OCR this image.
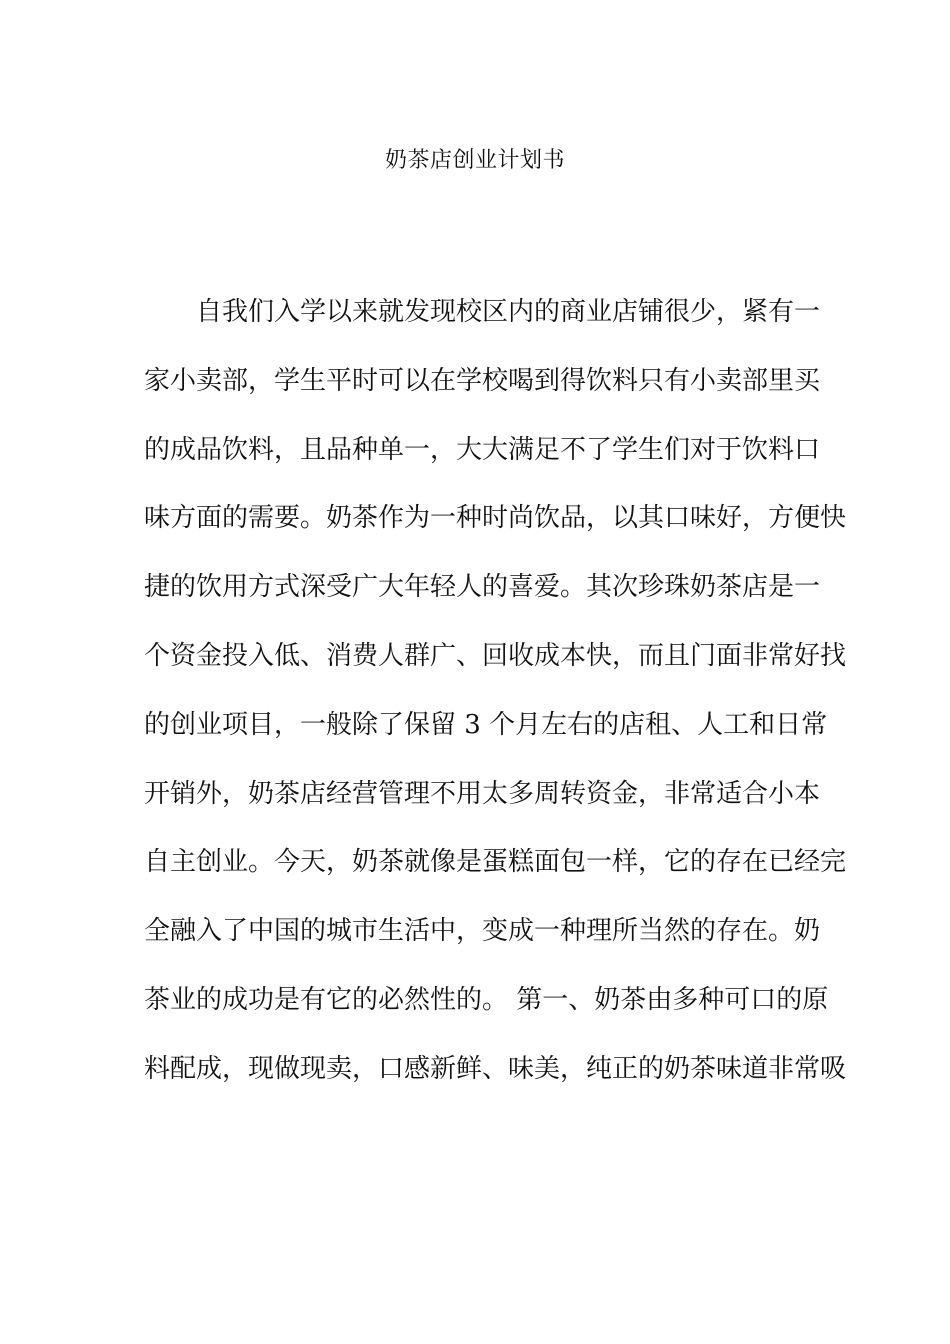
奶茶店创业计划书
自我们入学以来就发现校区内的商业店铺很少，紧有一
家小卖部，学生平时可以在学校喝到得饮料只有小卖部里买
的成品饮料，且品种单一，大大满足不了学生们对于饮料口
味方面的需要。奶茶作为一种时尚饮品，以其口味好，方便快
捷的饮用方式深受广大年轻人的喜爱。其次珍珠奶茶店是一
个资金投入低、消费人群广、回收成本快，而且门面非常好找
的创业项目，一般除了保留 3 个月左右的店租、人工和日常
开销外，奶茶店经营管理不用太多周转资金，非常适合小本
自主创业。今天，奶茶就像是蛋糕面包一样，它的存在已经完
全融入了中国的城市生活中，变成一种理所当然的存在。奶
茶业的成功是有它的必然性的。 第一、奶茶由多种可口的原
料配成，现做现卖，口感新鲜、味美，纯正的奶茶味道非常吸
